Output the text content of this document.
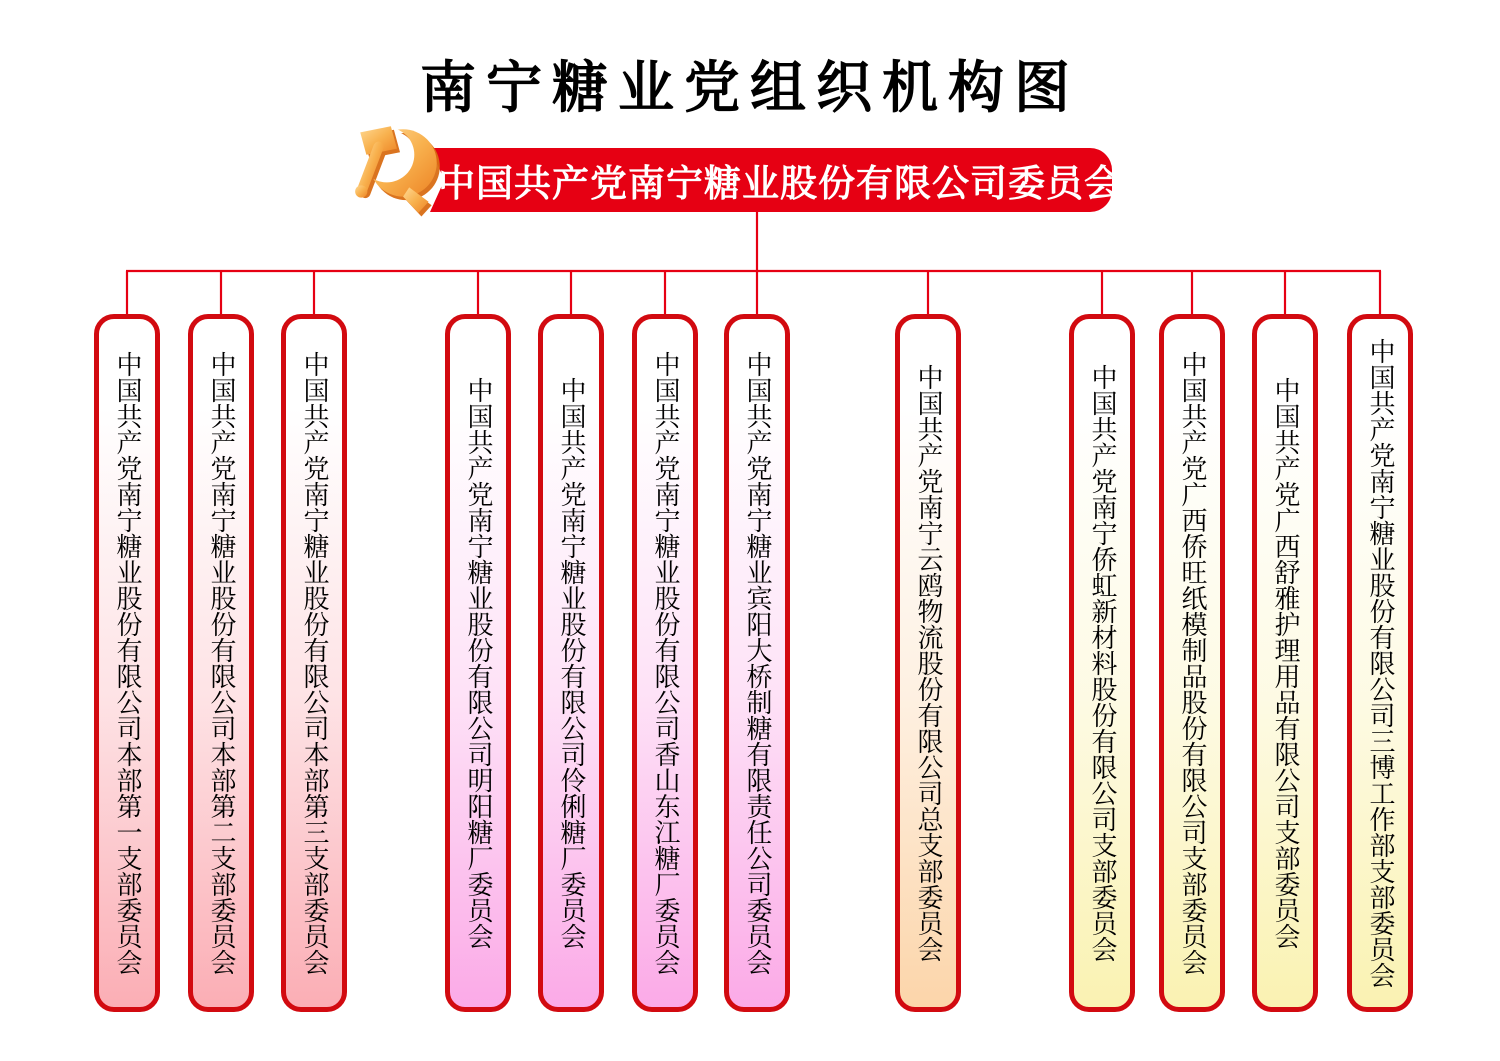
南宁糖业党组织机构图
中国共产党南宁糖业股份有限公司委员会
中国共产党南宁糖业股份有限公司本部第一支部委员会 中国共产党南宁糖业股份有限公司本部第二支部委员会 中国共产党南宁糖业股份有限公司本部第三支部委员会	中国共产党南宁糖业股份有限公司明阳糖厂委员会 中国共产党南宁糖业股份有限公司伶俐糖厂委员会 中国共产党南宁糖业股份有限公司香山东江糖厂委员会 中国共产党南宁糖业宾阳大桥制糖有限责任公司委员会	中国共产党南宁云鸥物流股份有限公司总支部委员会	中国共产党南宁侨虹新材料股份有限公司支部委员会 中国共产党广西侨旺纸模制品股份有限公司支部委员会 中国共产党广西舒雅护理用品有限公司支部委员会	中国共产党南宁糖业股份有限公司三博工作部支部委员会
